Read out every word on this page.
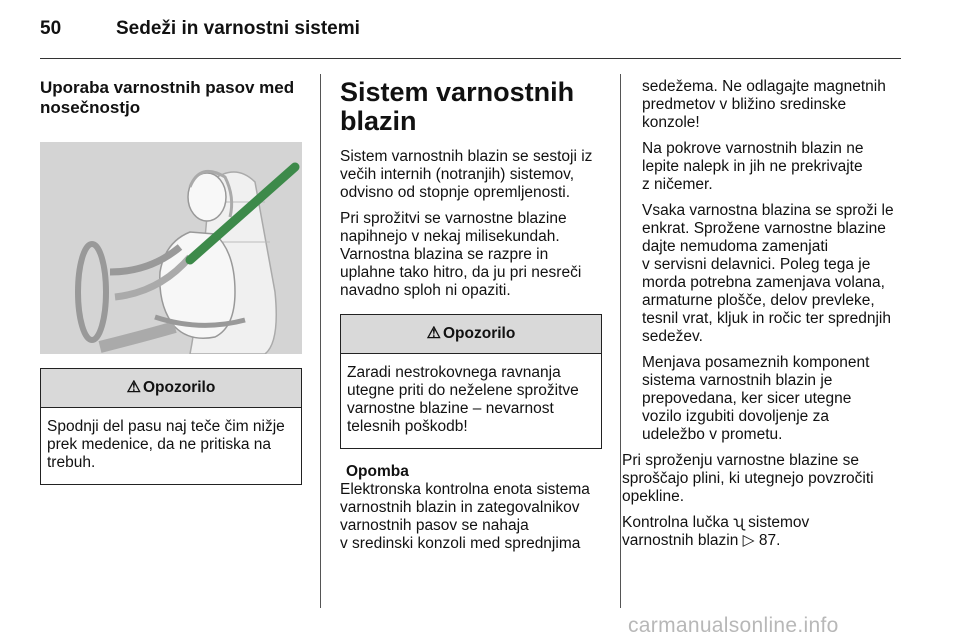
50	Sedeži in varnostni sistemi
Uporaba varnostnih pasov med
nosečnostjo
⚠ Opozorilo
Spodnji del pasu naj teče čim nižje
prek medenice, da ne pritiska na
trebuh.
Sistem varnostnih
blazin

Sistem varnostnih blazin se sestoji iz
večih internih (notranjih) sistemov,
odvisno od stopnje opremljenosti.

Pri sprožitvi se varnostne blazine
napihnejo v nekaj milisekundah.
Varnostna blazina se razpre in
uplahne tako hitro, da ju pri nesreči
navadno sploh ni opaziti.

⚠ Opozorilo
Zaradi nestrokovnega ravnanja
utegne priti do neželene sprožitve
varnostne blazine – nevarnost
telesnih poškodb!
Opomba

Elektronska kontrolna enota sistema
varnostnih blazin in zategovalnikov
varnostnih pasov se nahaja
v sredinski konzoli med sprednjima

sedežema. Ne odlagajte magnetnih
predmetov v bližino sredinske
konzole!

Na pokrove varnostnih blazin ne
lepite nalepk in jih ne prekrivajte
z ničemer.

Vsaka varnostna blazina se sproži le
enkrat. Sprožene varnostne blazine
dajte nemudoma zamenjati
v servisni delavnici. Poleg tega je
morda potrebna zamenjava volana,
armaturne plošče, delov prevleke,
tesnil vrat, kljuk in ročic ter sprednjih
sedežev.

Menjava posameznih komponent
sistema varnostnih blazin je
prepovedana, ker sicer utegne
vozilo izgubiti dovoljenje za
udeležbo v prometu.

Pri sproženju varnostne blazine se
sproščajo plini, ki utegnejo povzročiti
opekline.

Kontrolna lučka ʯ sistemov
varnostnih blazin ▷ 87.

carmanualsonline.info
